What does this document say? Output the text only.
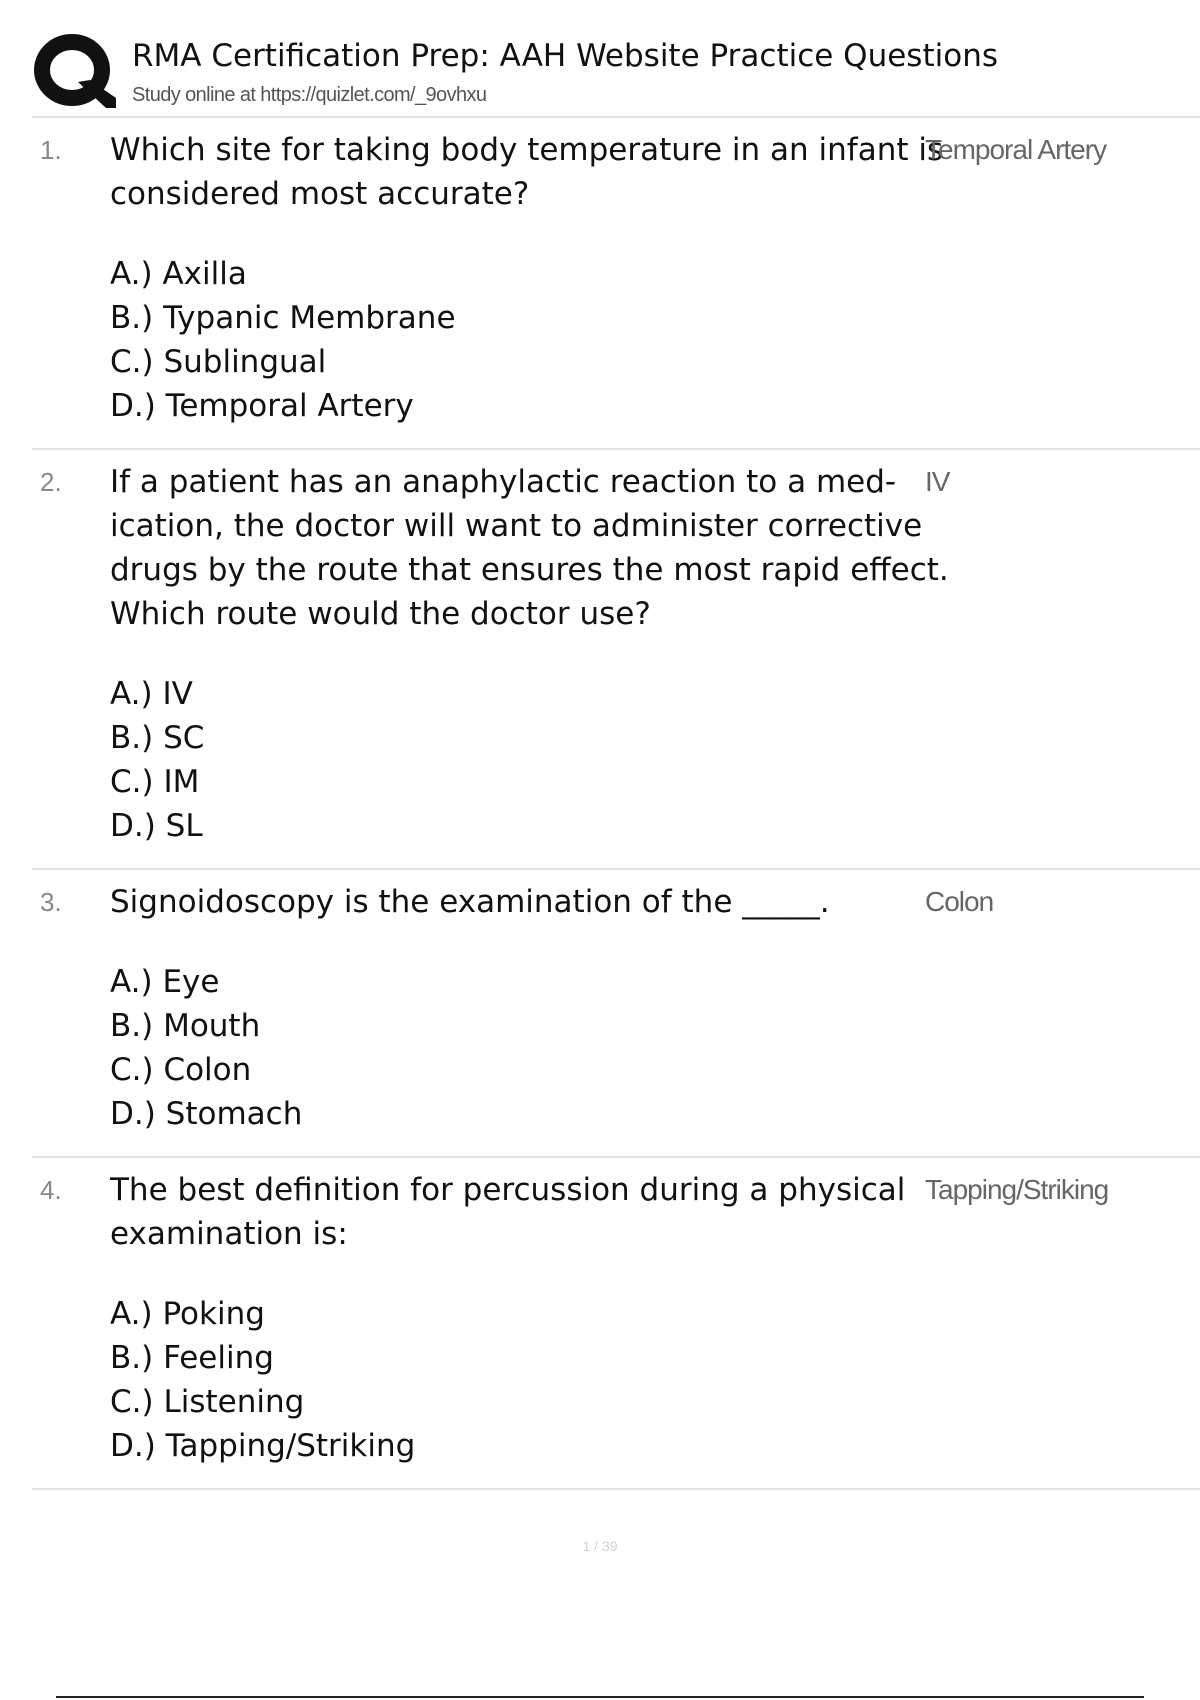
RMA Certification Prep: AAH Website Practice Questions
Study online at https://quizlet.com/_9ovhxu
1. Which site for taking body temperature in an infant is considered most accurate?
Temporal Artery
A.) Axilla
B.) Typanic Membrane
C.) Sublingual
D.) Temporal Artery
2. If a patient has an anaphylactic reaction to a med- ication, the doctor will want to administer corrective drugs by the route that ensures the most rapid effect. Which route would the doctor use?
IV
A.) IV
B.) SC
C.) IM
D.) SL
3. Signoidoscopy is the examination of the _____.	Colon
A.) Eye
B.) Mouth
C.) Colon
D.) Stomach
4. The best definition for percussion during a physical examination is:
Tapping/Striking
A.) Poking
B.) Feeling
C.) Listening
D.) Tapping/Striking
1 / 39
